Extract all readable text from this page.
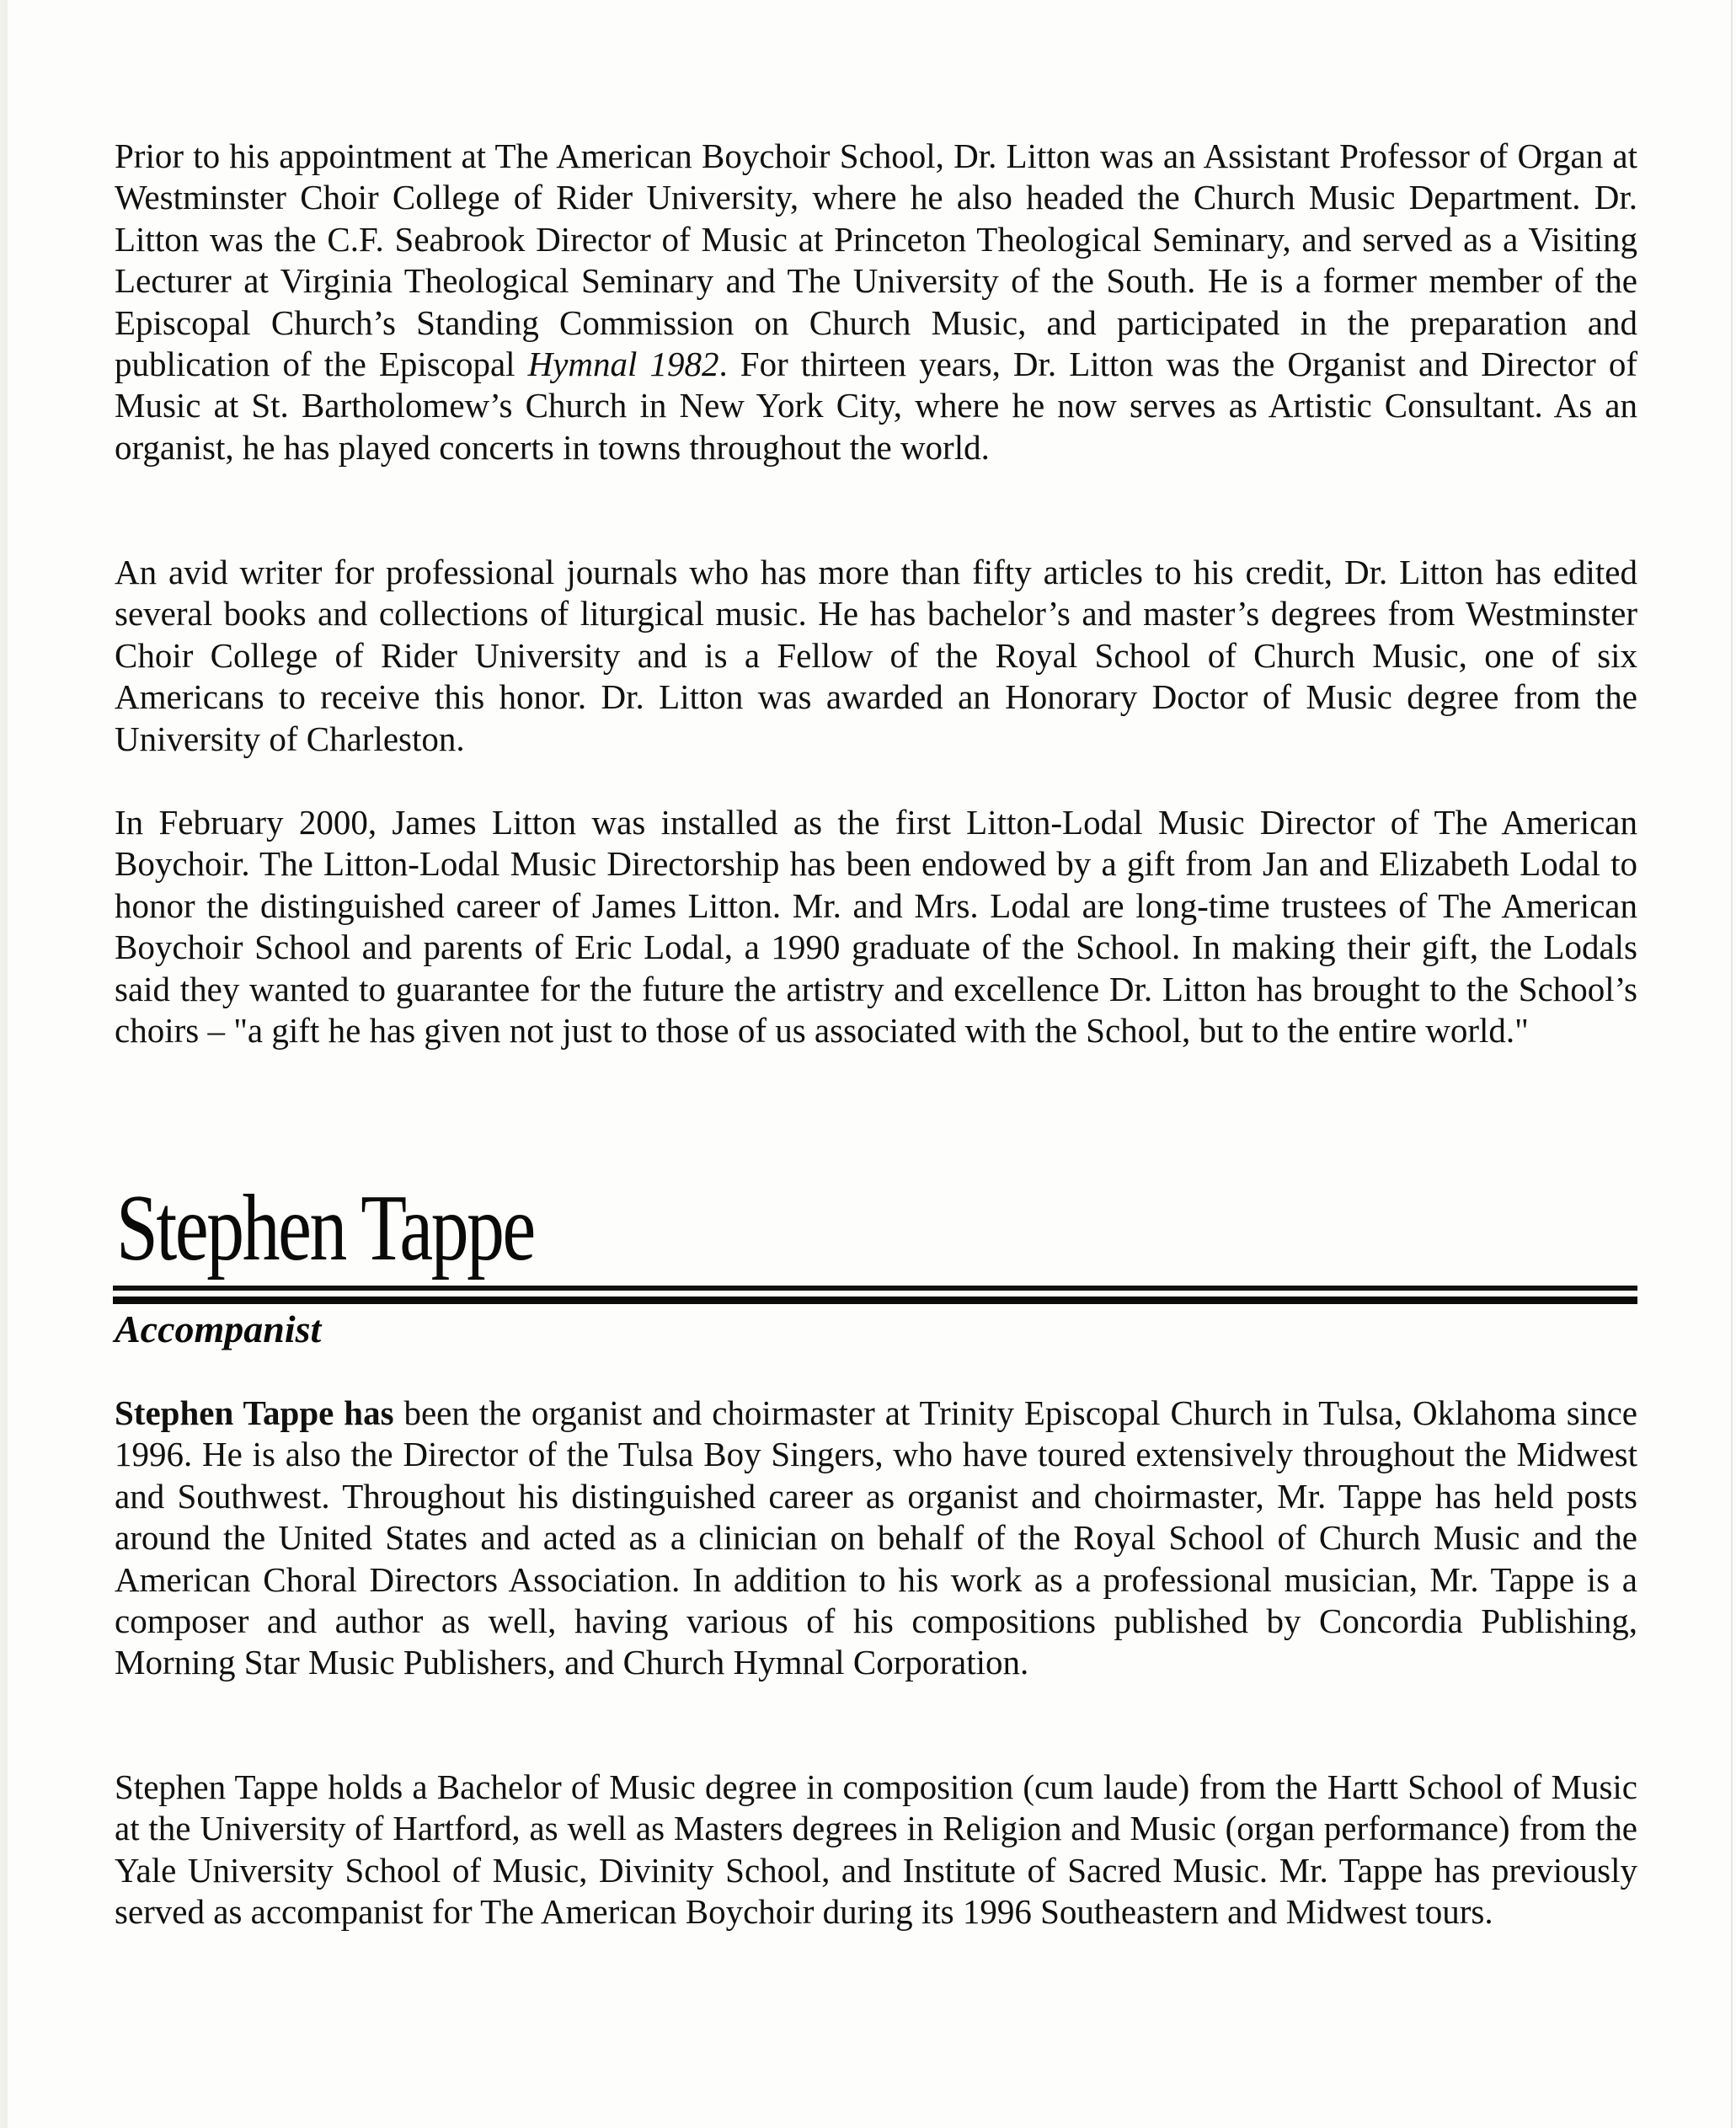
Prior to his appointment at The American Boychoir School, Dr. Litton was an Assistant Professor of Organ at Westminster Choir College of Rider University, where he also headed the Church Music Department. Dr. Litton was the C.F. Seabrook Director of Music at Princeton Theological Seminary, and served as a Visiting Lecturer at Virginia Theological Seminary and The University of the South. He is a former member of the Episcopal Church’s Standing Commission on Church Music, and participated in the preparation and publication of the Episcopal Hymnal 1982. For thirteen years, Dr. Litton was the Organist and Director of Music at St. Bartholomew’s Church in New York City, where he now serves as Artistic Consultant. As an organist, he has played concerts in towns throughout the world.

An avid writer for professional journals who has more than fifty articles to his credit, Dr. Litton has edited several books and collections of liturgical music. He has bachelor’s and master’s degrees from Westminster Choir College of Rider University and is a Fellow of the Royal School of Church Music, one of six Americans to receive this honor. Dr. Litton was awarded an Honorary Doctor of Music degree from the University of Charleston.

In February 2000, James Litton was installed as the first Litton-Lodal Music Director of The American Boychoir. The Litton-Lodal Music Directorship has been endowed by a gift from Jan and Elizabeth Lodal to honor the distinguished career of James Litton. Mr. and Mrs. Lodal are long-time trustees of The American Boychoir School and parents of Eric Lodal, a 1990 graduate of the School. In making their gift, the Lodals said they wanted to guarantee for the future the artistry and excellence Dr. Litton has brought to the School’s choirs – "a gift he has given not just to those of us associated with the School, but to the entire world."

Stephen Tappe
Accompanist

Stephen Tappe has been the organist and choirmaster at Trinity Episcopal Church in Tulsa, Oklahoma since 1996. He is also the Director of the Tulsa Boy Singers, who have toured extensively throughout the Midwest and Southwest. Throughout his distinguished career as organist and choirmaster, Mr. Tappe has held posts around the United States and acted as a clinician on behalf of the Royal School of Church Music and the American Choral Directors Association. In addition to his work as a professional musician, Mr. Tappe is a composer and author as well, having various of his compositions published by Concordia Publishing, Morning Star Music Publishers, and Church Hymnal Corporation.

Stephen Tappe holds a Bachelor of Music degree in composition (cum laude) from the Hartt School of Music at the University of Hartford, as well as Masters degrees in Religion and Music (organ performance) from the Yale University School of Music, Divinity School, and Institute of Sacred Music. Mr. Tappe has previously served as accompanist for The American Boychoir during its 1996 Southeastern and Midwest tours.
